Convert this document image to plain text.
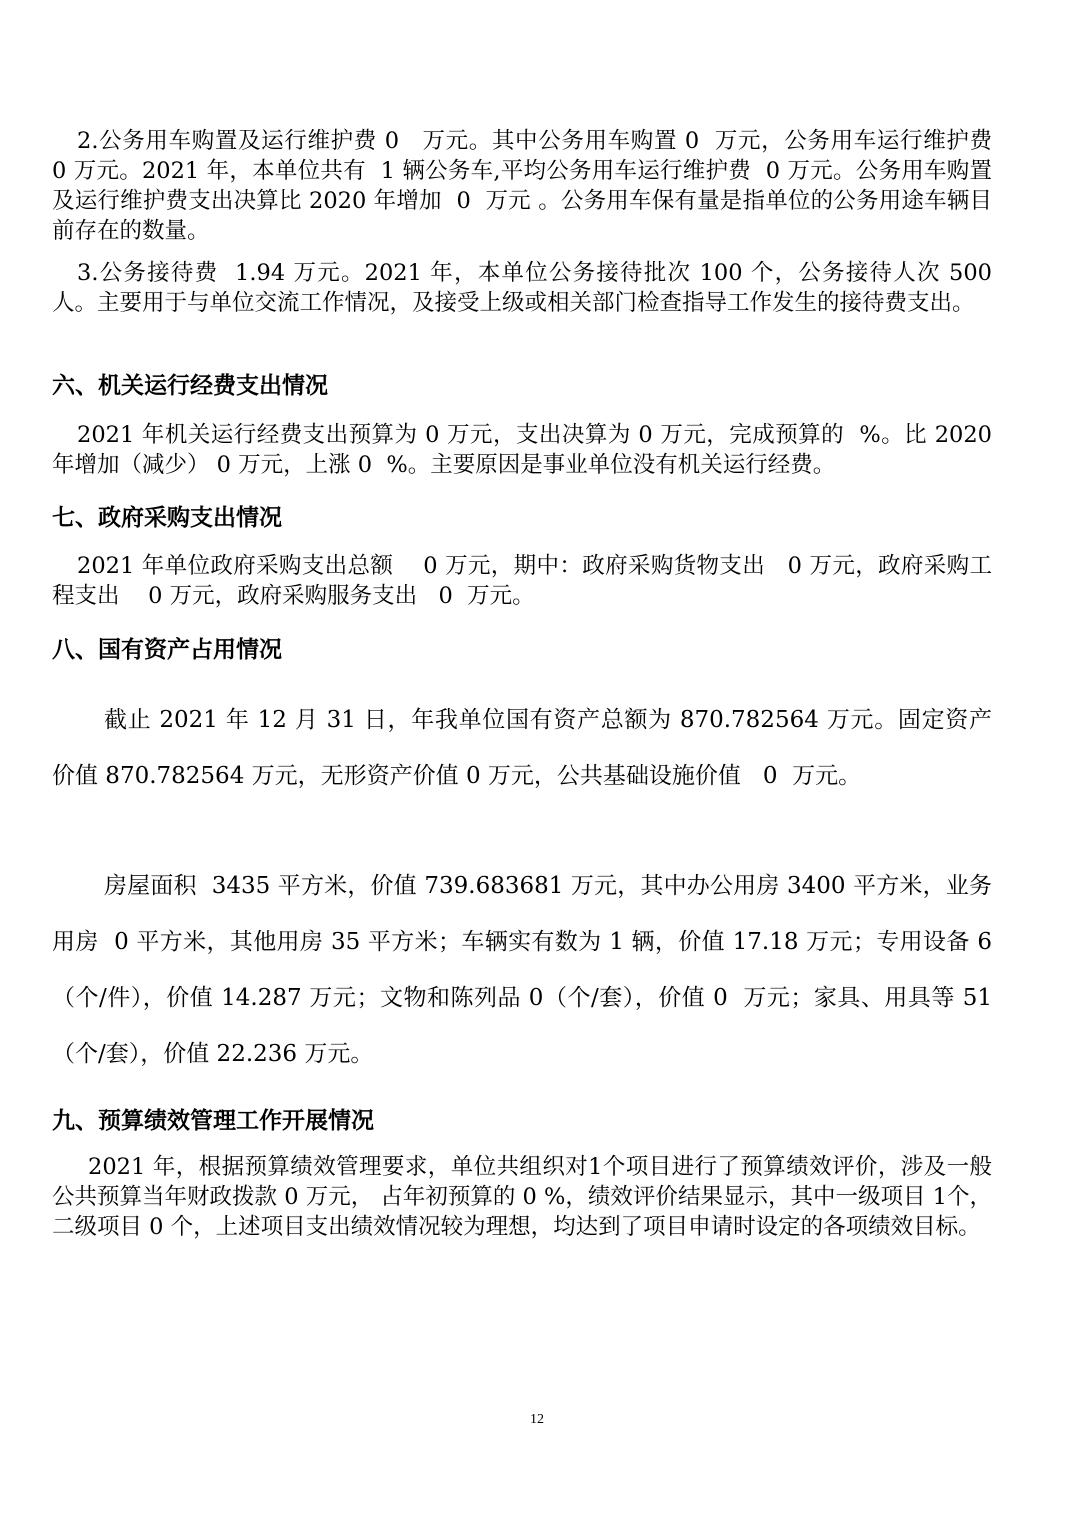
2.公务用车购置及运行维护费 0   万元。其中公务用车购置 0  万元，公务用车运行维护费  0 万元。2021 年，本单位共有  1 辆公务车,平均公务用车运行维护费  0 万元。公务用车购置及运行维护费支出决算比 2020 年增加  0  万元 。公务用车保有量是指单位的公务用途车辆目前存在的数量。

3.公务接待费  1.94 万元。2021 年，本单位公务接待批次 100 个，公务接待人次 500  人。主要用于与单位交流工作情况，及接受上级或相关部门检查指导工作发生的接待费支出。

六、机关运行经费支出情况

2021 年机关运行经费支出预算为 0 万元，支出决算为 0 万元，完成预算的  %。比 2020 年增加（减少） 0 万元，上涨 0  %。主要原因是事业单位没有机关运行经费。

七、政府采购支出情况

2021 年单位政府采购支出总额    0 万元，期中：政府采购货物支出   0 万元，政府采购工程支出    0 万元，政府采购服务支出   0  万元。

八、国有资产占用情况

截止 2021 年 12 月 31 日，年我单位国有资产总额为 870.782564 万元。固定资产价值 870.782564 万元，无形资产价值 0 万元，公共基础设施价值   0  万元。

房屋面积  3435 平方米，价值 739.683681 万元，其中办公用房 3400 平方米，业务用房  0 平方米，其他用房 35 平方米；车辆实有数为 1 辆，价值 17.18 万元；专用设备 6（个/件），价值 14.287 万元；文物和陈列品 0（个/套），价值 0  万元；家具、用具等 51 （个/套），价值 22.236 万元。

九、预算绩效管理工作开展情况

2021 年，根据预算绩效管理要求，单位共组织对1个项目进行了预算绩效评价，涉及一般公共预算当年财政拨款 0 万元， 占年初预算的 0 %，绩效评价结果显示，其中一级项目 1个，二级项目 0 个，上述项目支出绩效情况较为理想，均达到了项目申请时设定的各项绩效目标。

12
